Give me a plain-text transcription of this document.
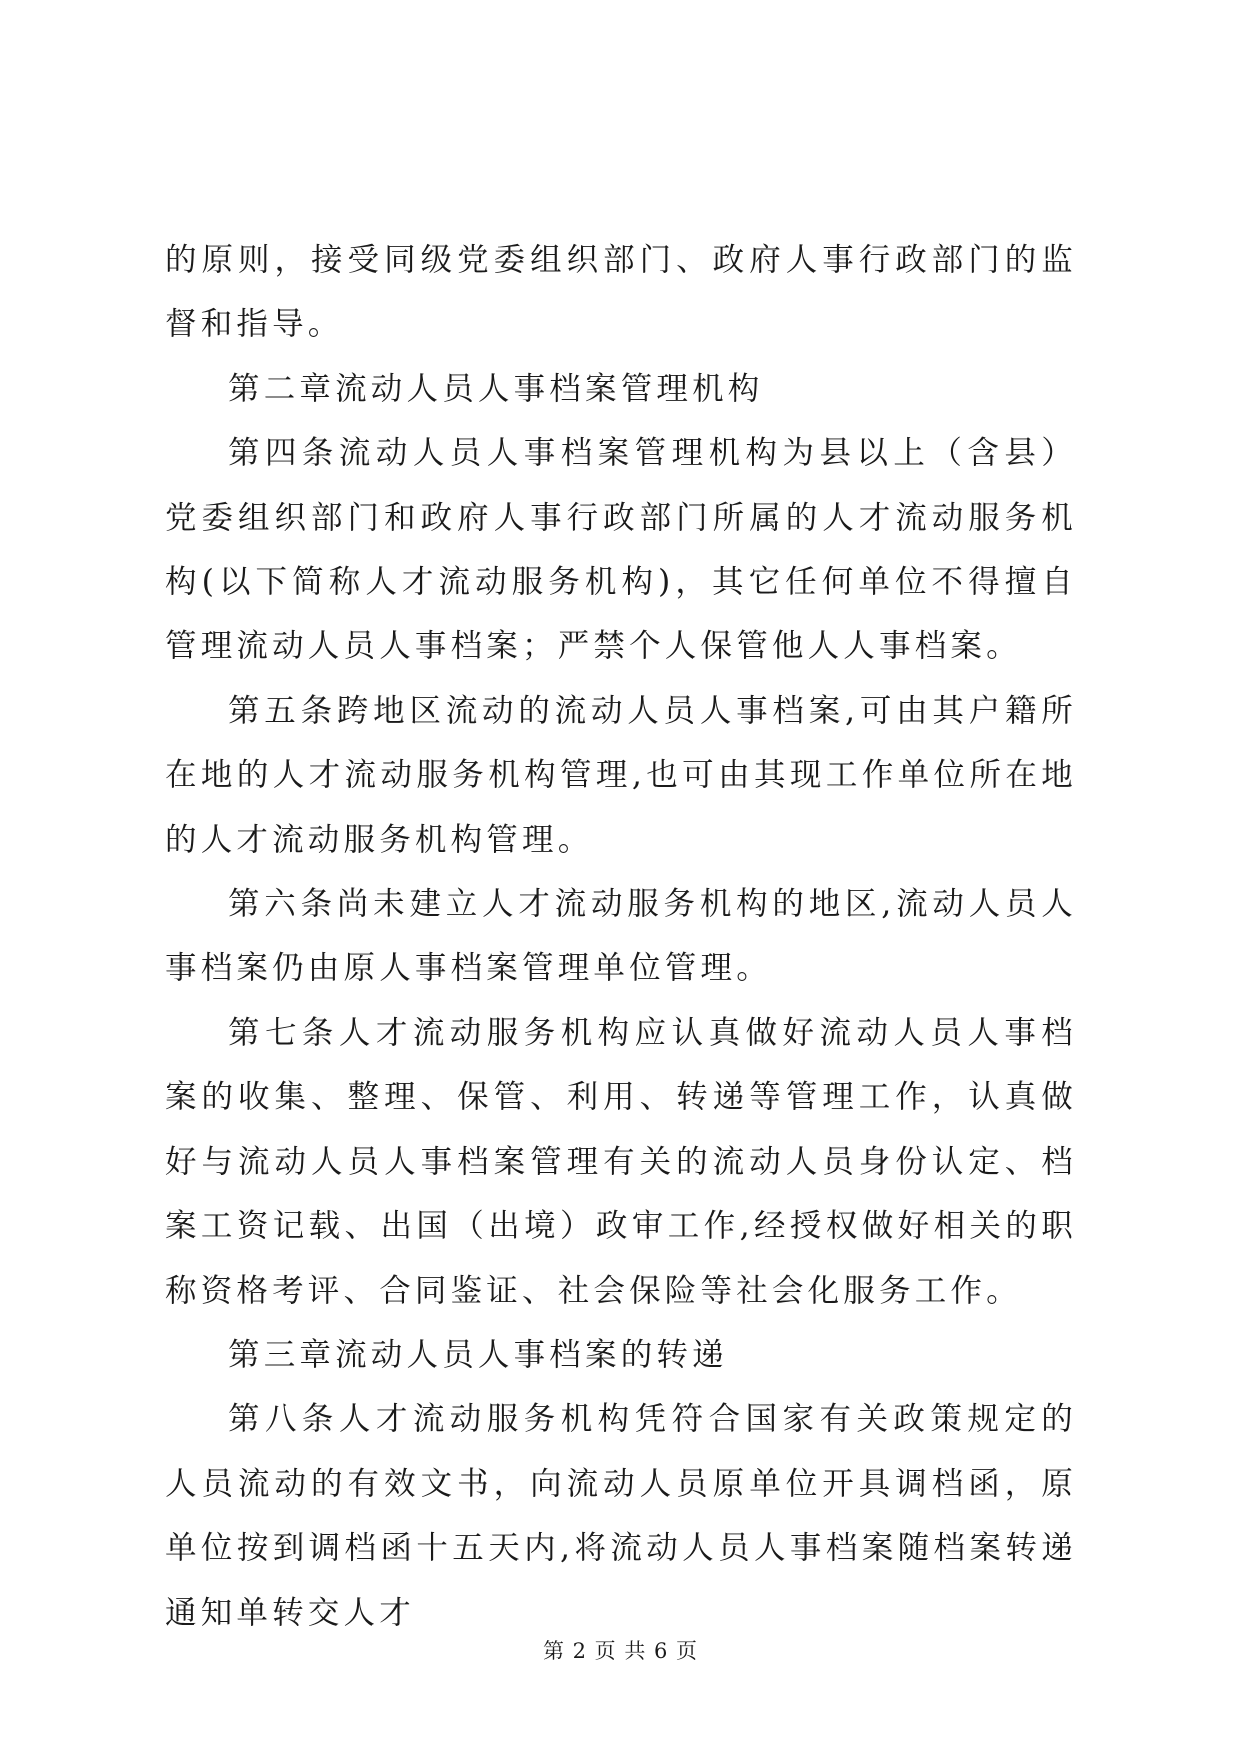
的原则，接受同级党委组织部门、政府人事行政部门的监督和指导。

第二章流动人员人事档案管理机构

第四条流动人员人事档案管理机构为县以上（含县）党委组织部门和政府人事行政部门所属的人才流动服务机构(以下简称人才流动服务机构)，其它任何单位不得擅自管理流动人员人事档案；严禁个人保管他人人事档案。

第五条跨地区流动的流动人员人事档案,可由其户籍所在地的人才流动服务机构管理,也可由其现工作单位所在地的人才流动服务机构管理。

第六条尚未建立人才流动服务机构的地区,流动人员人事档案仍由原人事档案管理单位管理。

第七条人才流动服务机构应认真做好流动人员人事档案的收集、整理、保管、利用、转递等管理工作，认真做好与流动人员人事档案管理有关的流动人员身份认定、档案工资记载、出国（出境）政审工作,经授权做好相关的职称资格考评、合同鉴证、社会保险等社会化服务工作。

第三章流动人员人事档案的转递

第八条人才流动服务机构凭符合国家有关政策规定的人员流动的有效文书，向流动人员原单位开具调档函，原单位按到调档函十五天内,将流动人员人事档案随档案转递通知单转交人才

第 2 页 共 6 页
